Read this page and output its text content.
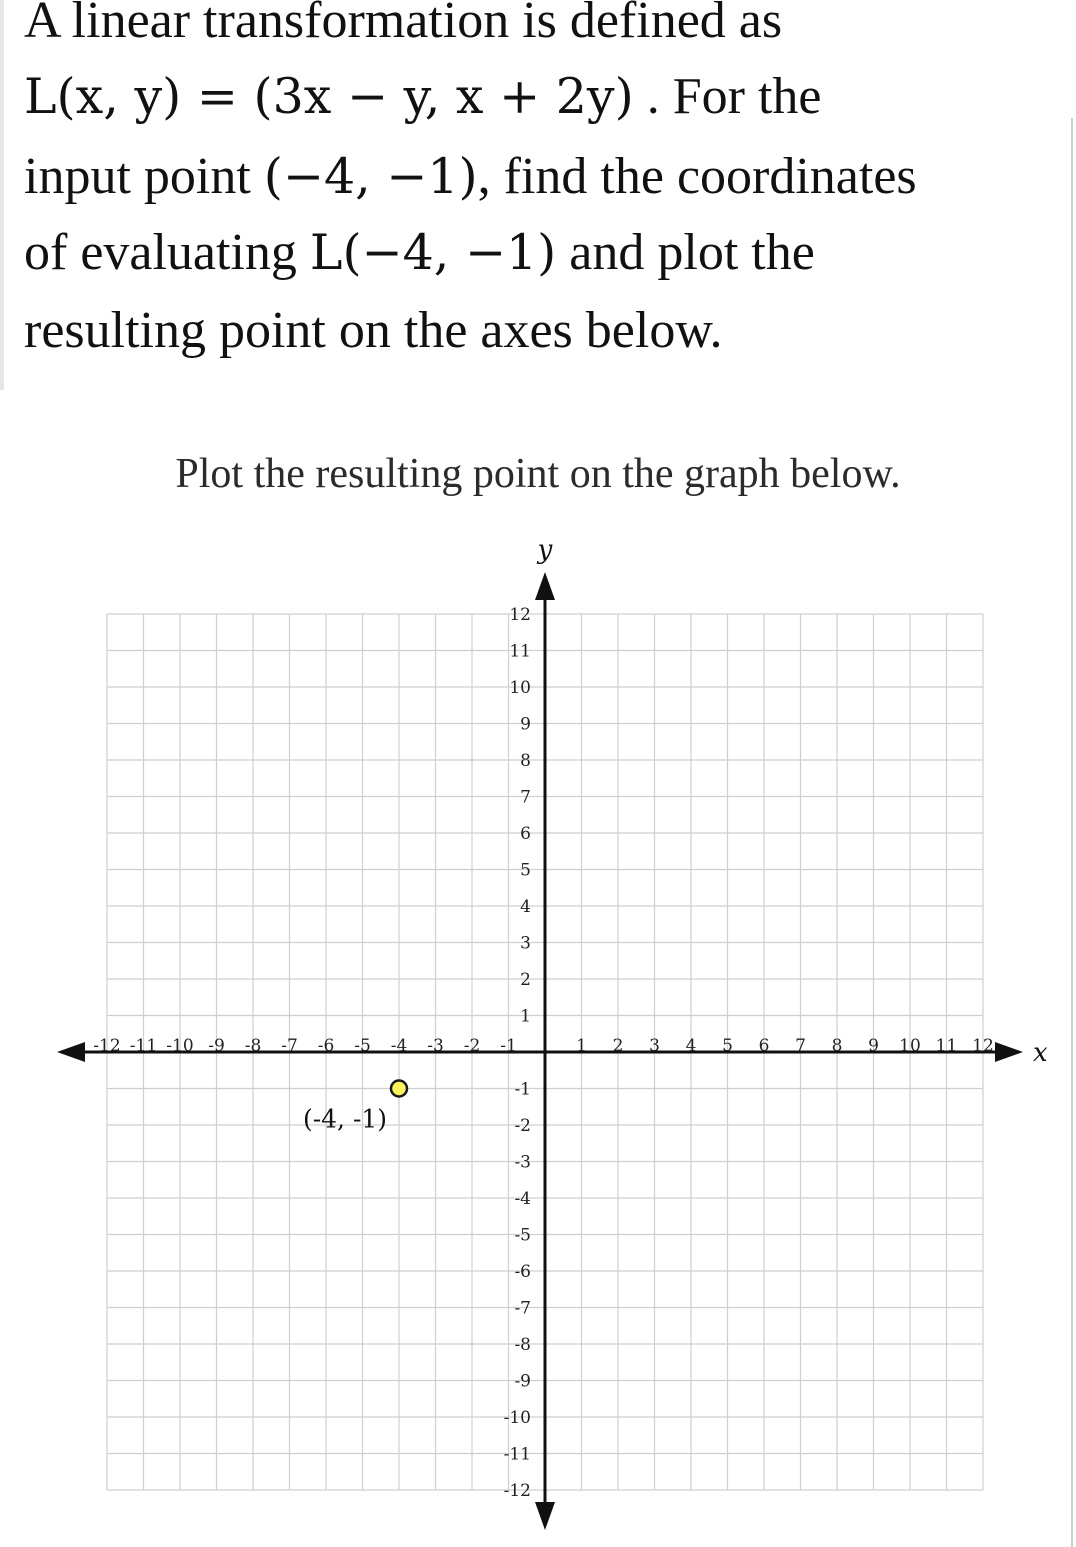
A linear transformation is defined as
L(x, y) = (3x − y, x + 2y) . For the
input point (−4, −1), find the coordinates
of evaluating L(−4, −1) and plot the
resulting point on the axes below.
Plot the resulting point on the graph below.
x
y
-12 -11 -10 -9 -8 -7 -6 -5 -4 -3 -2 -1	1 2 3 4 5 6 7 8 9 10 11 12
12
11
10
9
8
7
6
5
4
3
2
1
-1
-2
-3
-4
-5
-6
-7
-8
-9
-10
-11
-12
(-4, -1)
